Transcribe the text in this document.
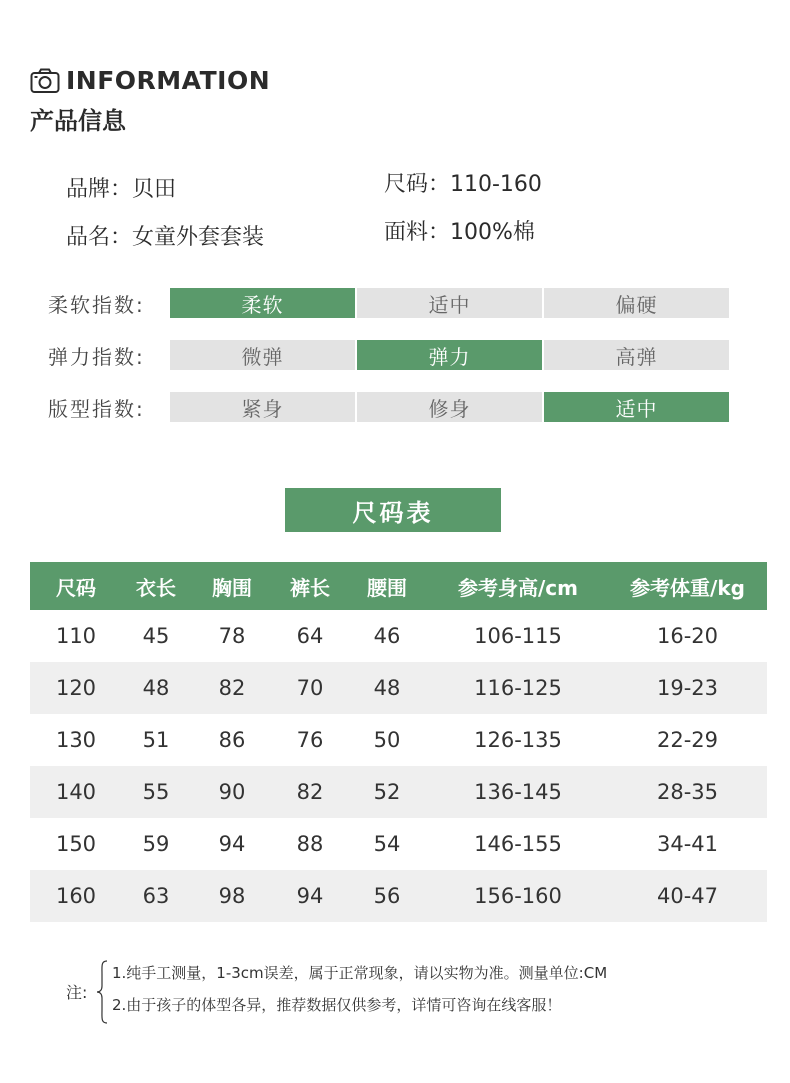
INFORMATION
产品信息
品牌：贝田
品名：女童外套套装
尺码：110-160
面料：100%棉
柔软指数:	柔软	适中	偏硬
弹力指数:	微弹	弹力	高弹
版型指数:	紧身	修身	适中
尺码表
尺码	衣长	胸围	裤长	腰围	参考身高/cm	参考体重/kg
110	45	78	64	46	106-115	16-20
120	48	82	70	48	116-125	19-23
130	51	86	76	50	126-135	22-29
140	55	90	82	52	136-145	28-35
150	59	94	88	54	146-155	34-41
160	63	98	94	56	156-160	40-47
注:
1.纯手工测量，1-3cm误差，属于正常现象，请以实物为准。测量单位:CM
2.由于孩子的体型各异，推荐数据仅供参考，详情可咨询在线客服！
